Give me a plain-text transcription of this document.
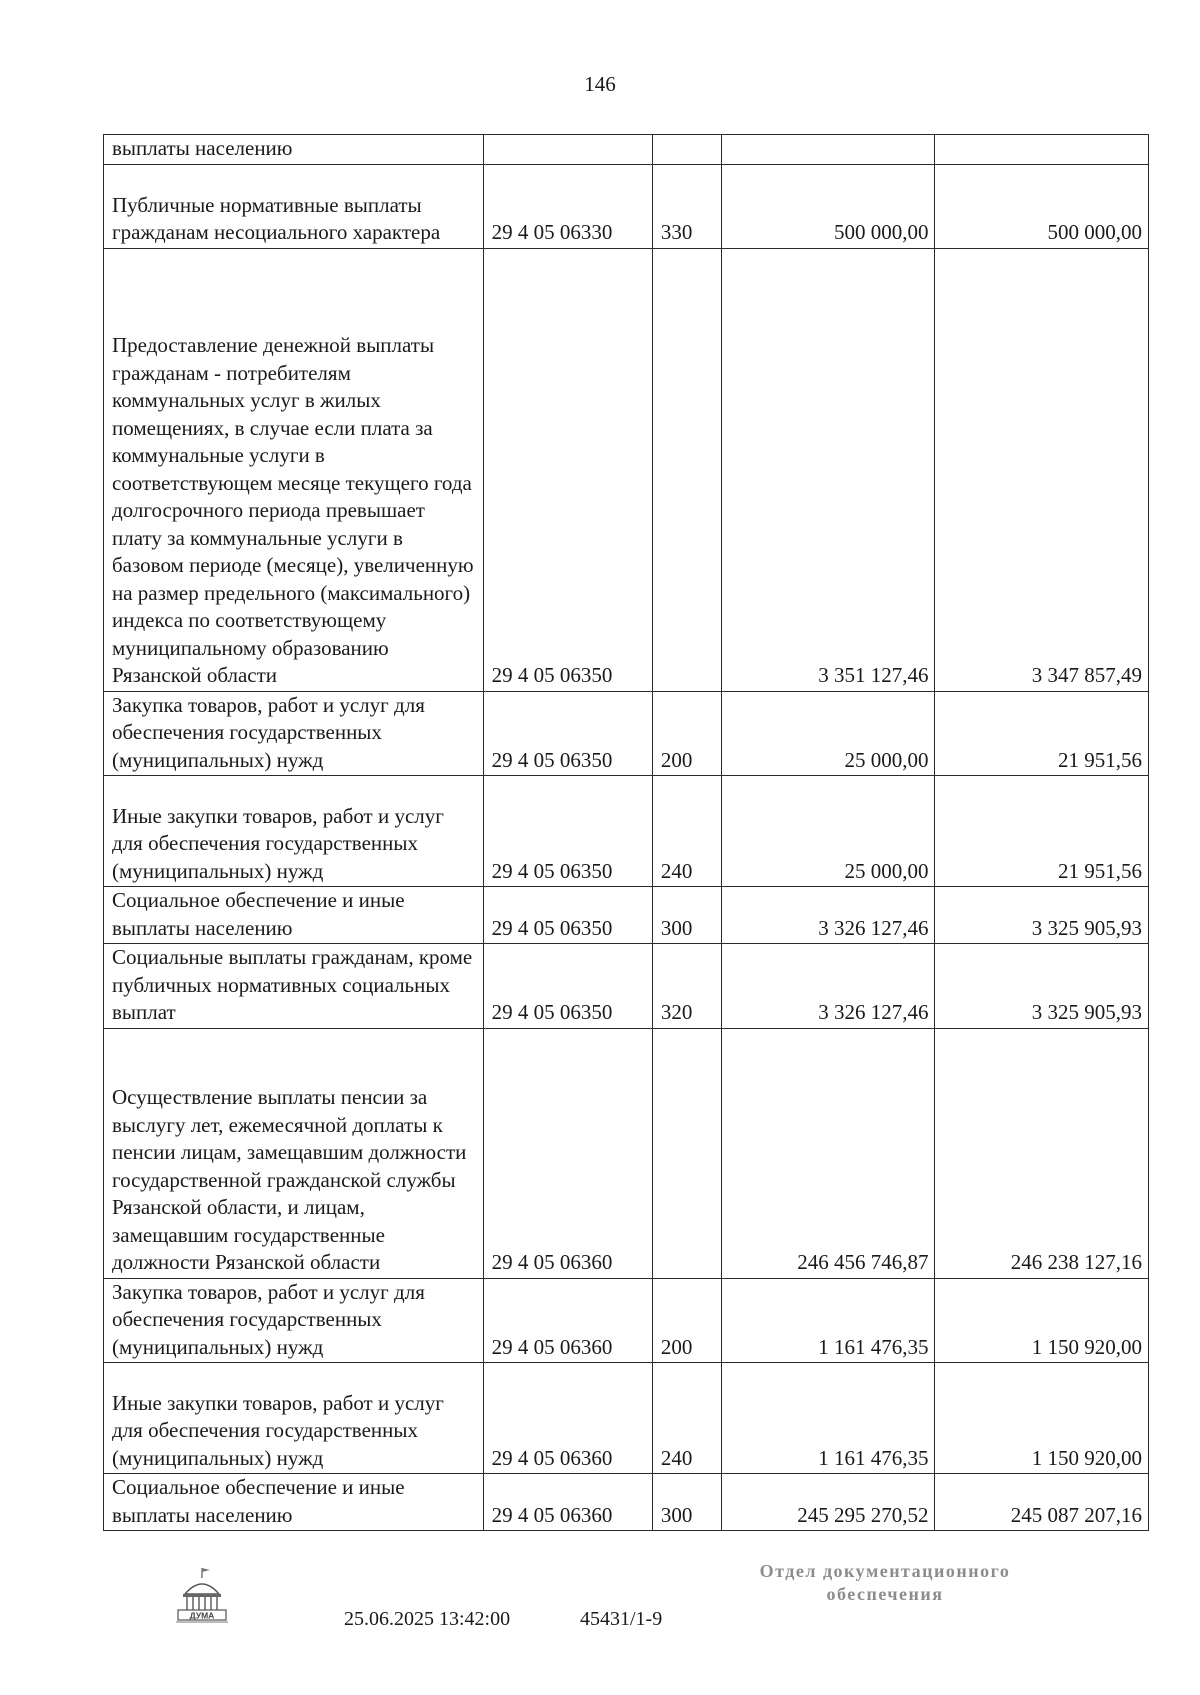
146
выплаты населению				
Публичные нормативные выплаты гражданам несоциального характера	29 4 05 06330	330	500 000,00	500 000,00
Предоставление денежной выплаты гражданам - потребителям коммунальных услуг в жилых помещениях, в случае если плата за коммунальные услуги в соответствующем месяце текущего года долгосрочного периода превышает плату за коммунальные услуги в базовом периоде (месяце), увеличенную на размер предельного (максимального) индекса по соответствующему муниципальному образованию Рязанской области	29 4 05 06350		3 351 127,46	3 347 857,49
Закупка товаров, работ и услуг для обеспечения государственных (муниципальных) нужд	29 4 05 06350	200	25 000,00	21 951,56
Иные закупки товаров, работ и услуг для обеспечения государственных (муниципальных) нужд	29 4 05 06350	240	25 000,00	21 951,56
Социальное обеспечение и иные выплаты населению	29 4 05 06350	300	3 326 127,46	3 325 905,93
Социальные выплаты гражданам, кроме публичных нормативных социальных выплат	29 4 05 06350	320	3 326 127,46	3 325 905,93
Осуществление выплаты пенсии за выслугу лет, ежемесячной доплаты к пенсии лицам, замещавшим должности государственной гражданской службы Рязанской области, и лицам, замещавшим государственные должности Рязанской области	29 4 05 06360		246 456 746,87	246 238 127,16
Закупка товаров, работ и услуг для обеспечения государственных (муниципальных) нужд	29 4 05 06360	200	1 161 476,35	1 150 920,00
Иные закупки товаров, работ и услуг для обеспечения государственных (муниципальных) нужд	29 4 05 06360	240	1 161 476,35	1 150 920,00
Социальное обеспечение и иные выплаты населению	29 4 05 06360	300	245 295 270,52	245 087 207,16
ДУМА	25.06.2025 13:42:00	45431/1-9
Отдел документационного
обеспечения
